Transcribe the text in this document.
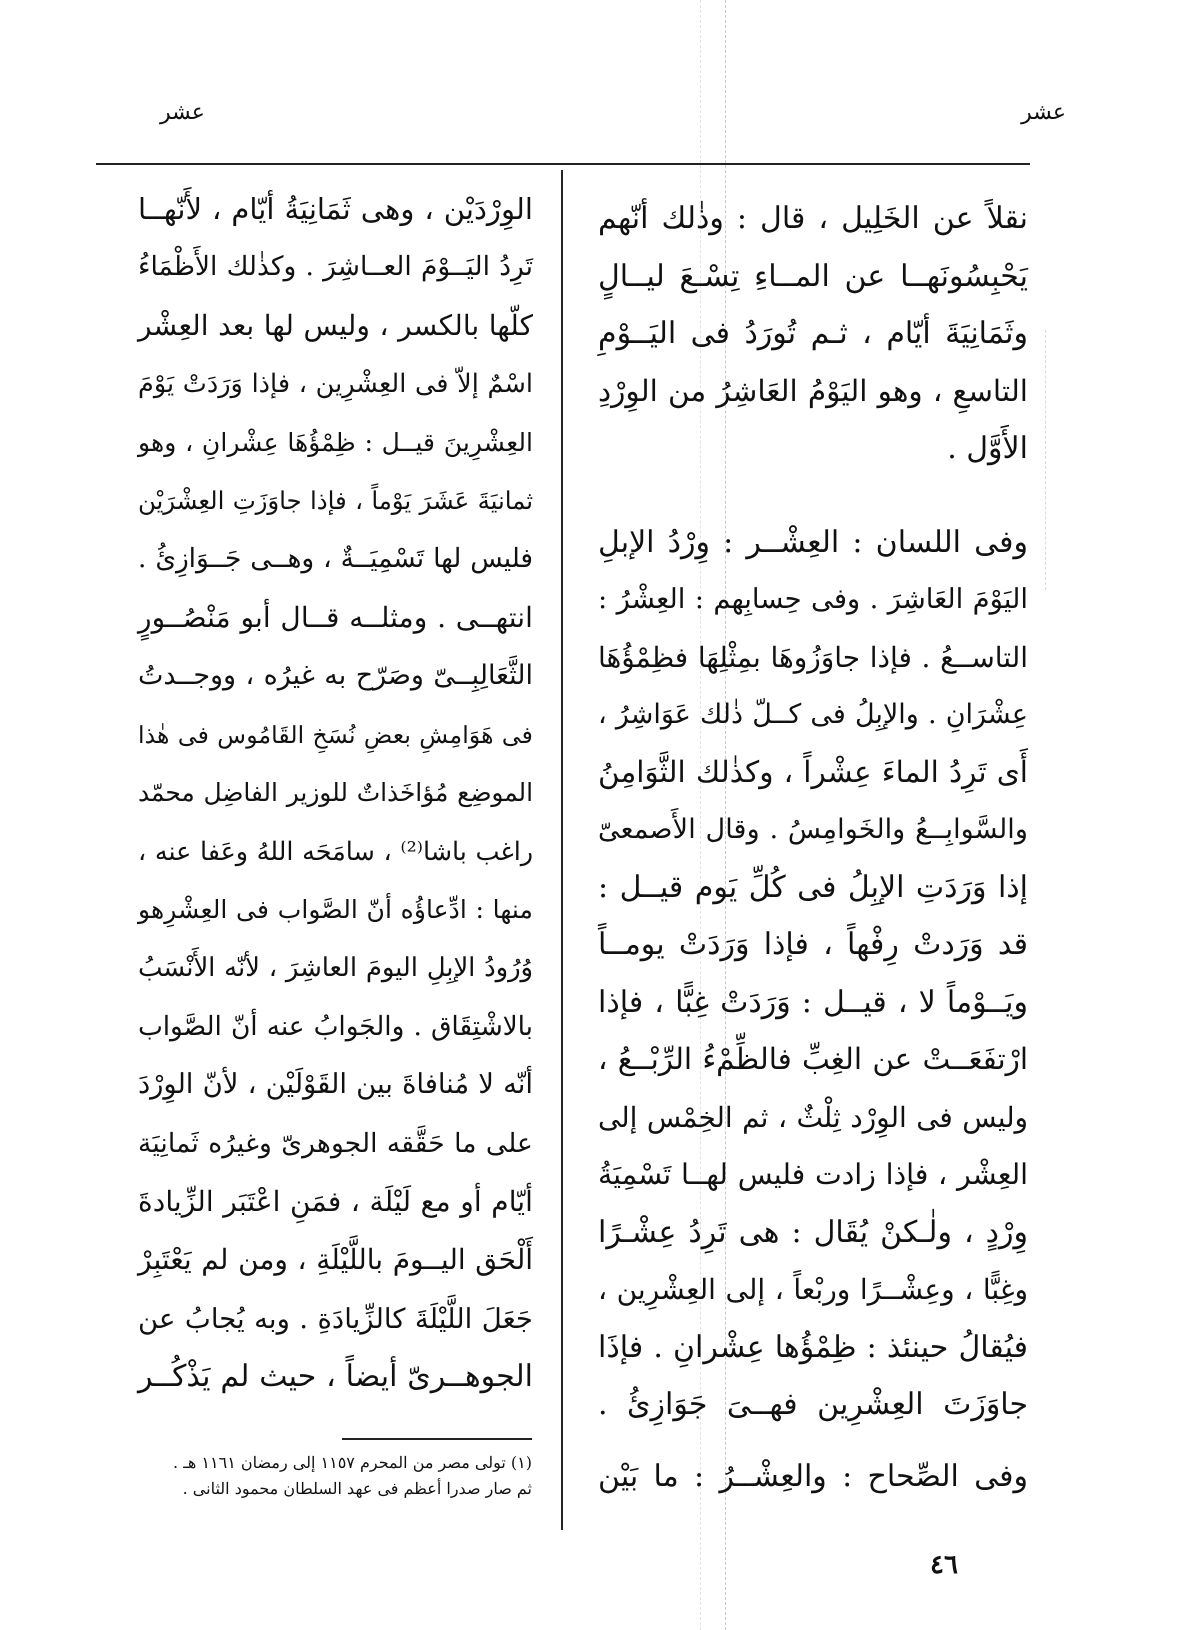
عشر
عشر
نقلاً عن الخَلِيل ، قال : وذٰلك أنّهم
يَحْبِسُونَهــا عن المــاءِ تِسْـعَ ليــالٍ
وثَمَانِيَةَ أيّام ، ثـم تُورَدُ فى اليَــوْمِ
التاسعِ ، وهو اليَوْمُ العَاشِرُ من الوِرْدِ
الأَوَّل .
وفى اللسان : العِشْــر : وِرْدُ الإبلِ
اليَوْمَ العَاشِرَ . وفى حِسابِهم : العِشْرُ :
التاســعُ . فإذا جاوَزُوهَا بمِثْلِهَا فظِمْؤُهَا
عِشْرَانِ . والإبِلُ فى كــلّ ذٰلك عَوَاشِرُ ،
أَى تَرِدُ الماءَ عِشْراً ، وكذٰلك الثَّوَامِنُ
والسَّوابِــعُ والخَوامِسُ . وقال الأَصمعىّ
إذا وَرَدَتِ الإبِلُ فى كُلِّ يَوم قيــل :
قد وَرَدتْ رِفْهاً ، فإذا وَرَدَتْ يومــاً
ويَــوْماً لا ، قيــل : وَرَدَتْ غِبًّا ، فإذا
ارْتفَعَــتْ عن الغِبِّ فالظِّمْءُ الرِّبْــعُ ،
وليس فى الوِرْد ثِلْثٌ ، ثم الخِمْس إلى
العِشْر ، فإذا زادت فليس لهــا تَسْمِيَةُ
وِرْدٍ ، ولٰـكنْ يُقَال : هى تَرِدُ عِشْـرًا
وغِبًّا ، وعِشْــرًا وربْعاً ، إلى العِشْرِين ،
فيُقالُ حينئذ : ظِمْؤُها عِشْرانِ . فإذَا
جاوَزَتَ العِشْرِين فهــىَ جَوَازِئُ .
وفى الصِّحاح : والعِشْــرُ : ما بَيْن
الوِرْدَيْن ، وهى ثَمَانِيَةُ أيّام ، لأَنّهــا
تَرِدُ اليَــوْمَ العــاشِرَ . وكذٰلك الأَظْمَاءُ
كلّها بالكسر ، وليس لها بعد العِشْر
اسْمٌ إلاّ فى العِشْرِين ، فإذا وَرَدَتْ يَوْمَ
العِشْرِينَ قيــل : ظِمْؤُهَا عِشْرانِ ، وهو
ثمانيَةَ عَشَرَ يَوْماً ، فإذا جاوَزَتِ العِشْرَيْن
فليس لها تَسْمِيَــةٌ ، وهــى جَــوَازِئُ .
انتهــى . ومثلــه قــال أبو مَنْصُــورٍ
الثَّعَالِبِــىّ وصَرّح به غيرُه ، ووجــدتُ
فى هَوَامِشِ بعضِ نُسَخِ القَامُوس فى هٰذا
الموضِع مُؤاخَذاتٌ للوزير الفاضِل محمّد
راغب باشا⁽²⁾ ، سامَحَه اللهُ وعَفا عنه ،
منها : ادِّعاؤُه أنّ الصَّواب فى العِشْرِهو
وُرُودُ الإبِلِ اليومَ العاشِرَ ، لأنّه الأَنْسَبُ
بالاشْتِقَاق . والجَوابُ عنه أنّ الصَّواب
أنّه لا مُنافاةَ بين القَوْلَيْن ، لأنّ الوِرْدَ
على ما حَقَّقه الجوهرىّ وغيرُه ثَمانِيَة
أيّام أو مع لَيْلَة ، فمَنِ اعْتَبَر الزِّيادةَ
أَلْحَق اليــومَ باللَّيْلَةِ ، ومن لم يَعْتَبِرْ
جَعَلَ اللَّيْلَةَ كالزِّيادَةِ . وبه يُجابُ عن
الجوهــرىّ أيضاً ، حيث لم يَذْكُــر
(١) تولى مصر من المحرم ١١٥٧ إلى رمضان ١١٦١ هـ .
ثم صار صدرا أعظم فى عهد السلطان محمود الثانى .
٤٦
